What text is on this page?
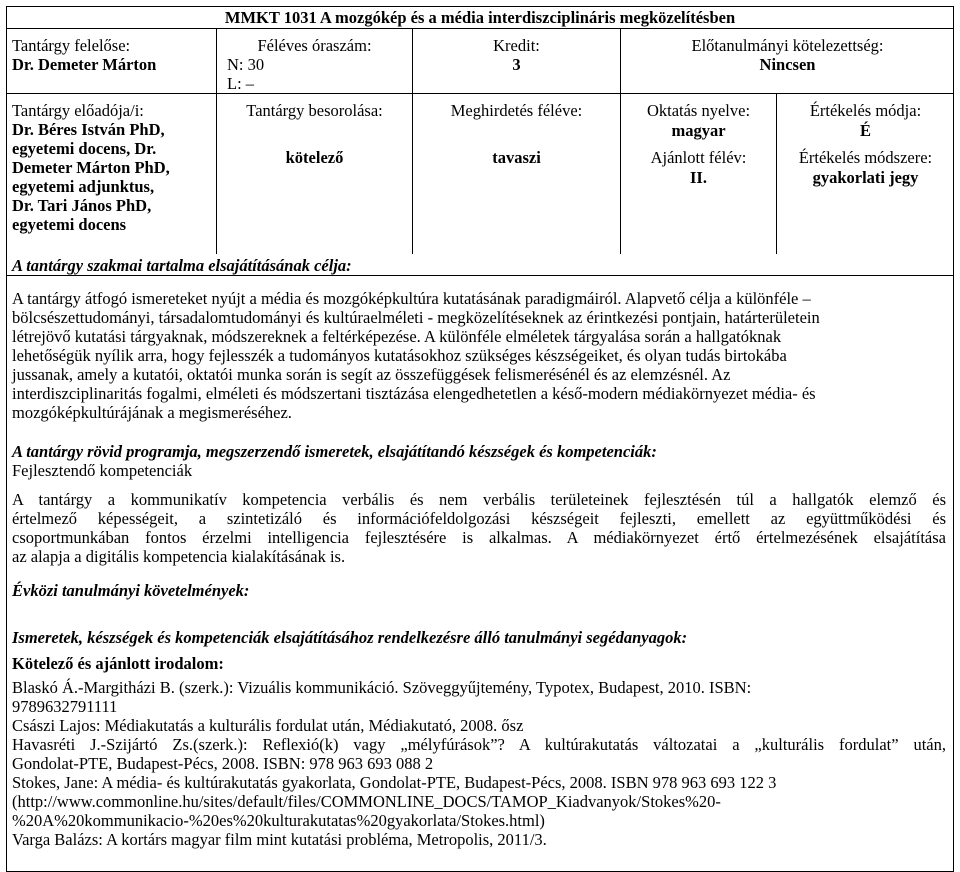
MMKT 1031 A mozgókép és a média interdiszciplináris megközelítésben
Tantárgy felelőse:
Dr. Demeter Márton
Féléves óraszám:
N: 30
L: –
Kredit:
3
Előtanulmányi kötelezettség:
Nincsen
Tantárgy előadója/i:
Dr. Béres István PhD,
egyetemi docens, Dr.
Demeter Márton PhD,
egyetemi adjunktus,
Dr. Tari János PhD,
egyetemi docens
Tantárgy besorolása:
kötelező
Meghirdetés féléve:
tavaszi
Oktatás nyelve:
magyar
Ajánlott félév:
II.
Értékelés módja:
É
Értékelés módszere:
gyakorlati jegy
A tantárgy szakmai tartalma elsajátításának célja:
A tantárgy átfogó ismereteket nyújt a média és mozgóképkultúra kutatásának paradigmáiról. Alapvető célja a különféle –
bölcsészettudományi, társadalomtudományi és kultúraelméleti - megközelítéseknek az érintkezési pontjain, határterületein
létrejövő kutatási tárgyaknak, módszereknek a feltérképezése. A különféle elméletek tárgyalása során a hallgatóknak
lehetőségük nyílik arra, hogy fejlesszék a tudományos kutatásokhoz szükséges készségeiket, és olyan tudás birtokába
jussanak, amely a kutatói, oktatói munka során is segít az összefüggések felismerésénél és az elemzésnél. Az
interdiszciplinaritás fogalmi, elméleti és módszertani tisztázása elengedhetetlen a késő-modern médiakörnyezet média- és
mozgóképkultúrájának a megismeréséhez.
A tantárgy rövid programja, megszerzendő ismeretek, elsajátítandó készségek és kompetenciák:
Fejlesztendő kompetenciák
A tantárgy a kommunikatív kompetencia verbális és nem verbális területeinek fejlesztésén túl a hallgatók elemző és
értelmező képességeit, a szintetizáló és információfeldolgozási készségeit fejleszti, emellett az együttműködési és
csoportmunkában fontos érzelmi intelligencia fejlesztésére is alkalmas. A médiakörnyezet értő értelmezésének elsajátítása
az alapja a digitális kompetencia kialakításának is.
Évközi tanulmányi követelmények:
Ismeretek, készségek és kompetenciák elsajátításához rendelkezésre álló tanulmányi segédanyagok:
Kötelező és ajánlott irodalom:
Blaskó Á.-Margitházi B. (szerk.): Vizuális kommunikáció. Szöveggyűjtemény, Typotex, Budapest, 2010. ISBN:
9789632791111
Császi Lajos: Médiakutatás a kulturális fordulat után, Médiakutató, 2008. ősz
Havasréti J.-Szijártó Zs.(szerk.): Reflexió(k) vagy „mélyfúrások”? A kultúrakutatás változatai a „kulturális fordulat” után,
Gondolat-PTE, Budapest-Pécs, 2008. ISBN: 978 963 693 088 2
Stokes, Jane: A média- és kultúrakutatás gyakorlata, Gondolat-PTE, Budapest-Pécs, 2008. ISBN 978 963 693 122 3
(http://www.commonline.hu/sites/default/files/COMMONLINE_DOCS/TAMOP_Kiadvanyok/Stokes%20-
%20A%20kommunikacio-%20es%20kulturakutatas%20gyakorlata/Stokes.html)
Varga Balázs: A kortárs magyar film mint kutatási probléma, Metropolis, 2011/3.
